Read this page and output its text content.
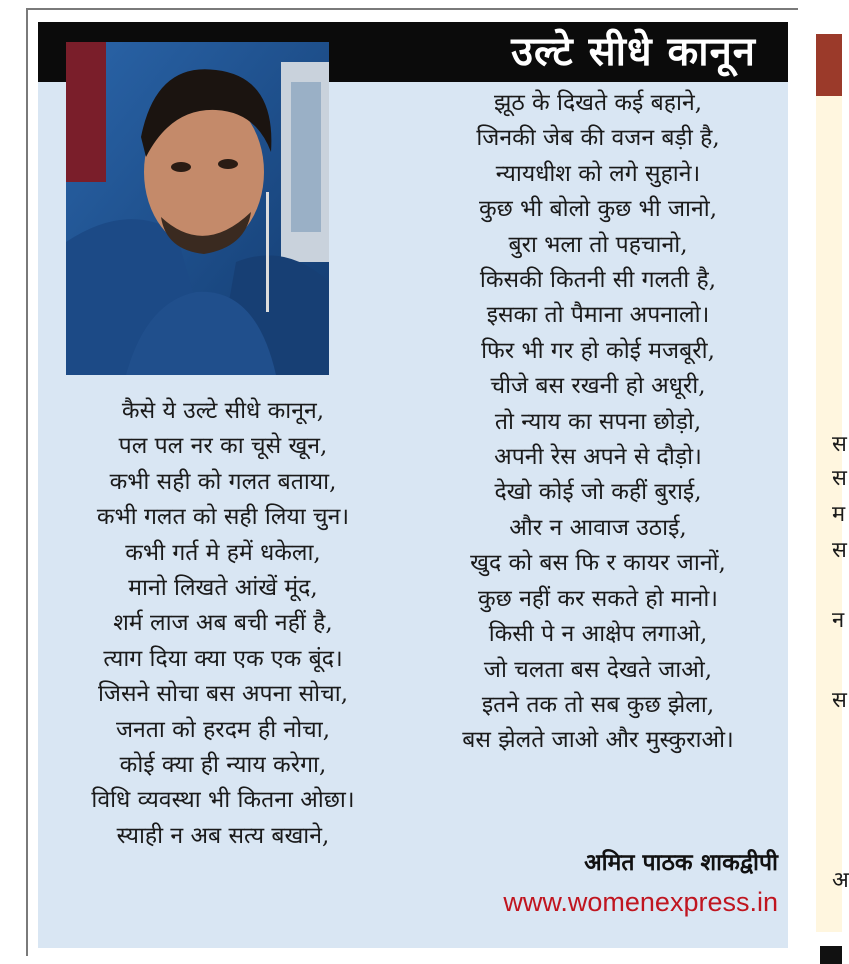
उल्टे सीधे कानून
कैसे ये उल्टे सीधे कानून,
पल पल नर का चूसे खून,
कभी सही को गलत बताया,
कभी गलत को सही लिया चुन।
कभी गर्त मे हमें धकेला,
मानो लिखते आंखें मूंद,
शर्म लाज अब बची नहीं है,
त्याग दिया क्या एक एक बूंद।
जिसने सोचा बस अपना सोचा,
जनता को हरदम ही नोचा,
कोई क्या ही न्याय करेगा,
विधि व्यवस्था भी कितना ओछा।
स्याही न अब सत्य बखाने,
झूठ के दिखते कई बहाने,
जिनकी जेब की वजन बड़ी है,
न्यायधीश को लगे सुहाने।
कुछ भी बोलो कुछ भी जानो,
बुरा भला तो पहचानो,
किसकी कितनी सी गलती है,
इसका तो पैमाना अपनालो।
फिर भी गर हो कोई मजबूरी,
चीजे बस रखनी हो अधूरी,
तो न्याय का सपना छोड़ो,
अपनी रेस अपने से दौड़ो।
देखो कोई जो कहीं बुराई,
और न आवाज उठाई,
खुद को बस फि र कायर जानों,
कुछ नहीं कर सकते हो मानो।
किसी पे न आक्षेप लगाओ,
जो चलता बस देखते जाओ,
इतने तक तो सब कुछ झेला,
बस झेलते जाओ और मुस्कुराओ।
अमित पाठक शाकद्वीपी
www.womenexpress.in
स
स
म
स
न
स
अ
